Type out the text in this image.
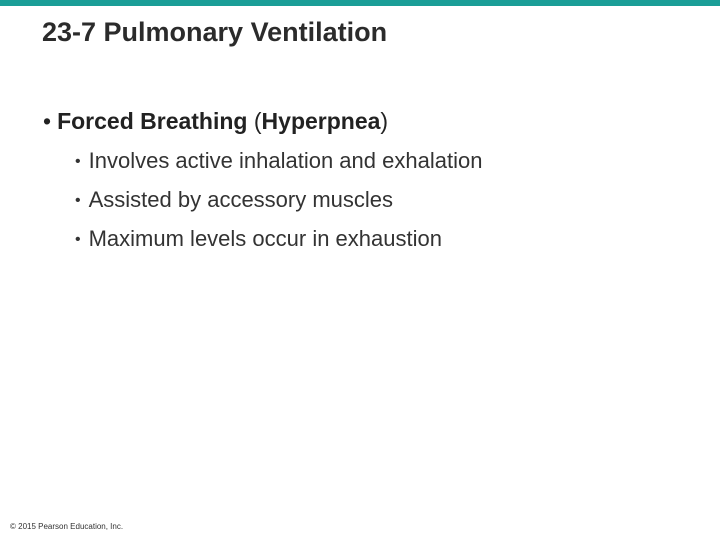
23-7 Pulmonary Ventilation
• Forced Breathing (Hyperpnea)
• Involves active inhalation and exhalation
• Assisted by accessory muscles
• Maximum levels occur in exhaustion
© 2015 Pearson Education, Inc.
